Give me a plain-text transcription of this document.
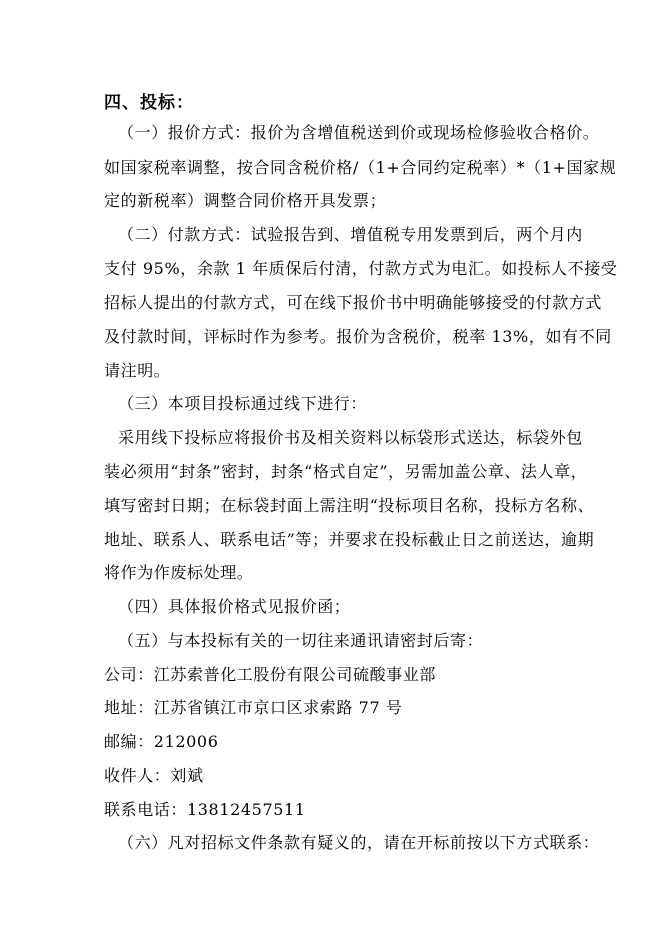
四、投标：
（一）报价方式：报价为含增值税送到价或现场检修验收合格价。
如国家税率调整，按合同含税价格/（1+合同约定税率）*（1+国家规
定的新税率）调整合同价格开具发票；
（二）付款方式：试验报告到、增值税专用发票到后，两个月内
支付 95%，余款 1 年质保后付清，付款方式为电汇。如投标人不接受
招标人提出的付款方式，可在线下报价书中明确能够接受的付款方式
及付款时间，评标时作为参考。报价为含税价，税率 13%，如有不同
请注明。
（三）本项目投标通过线下进行：
采用线下投标应将报价书及相关资料以标袋形式送达，标袋外包
装必须用“封条”密封，封条“格式自定”，另需加盖公章、法人章，
填写密封日期；在标袋封面上需注明“投标项目名称，投标方名称、
地址、联系人、联系电话”等；并要求在投标截止日之前送达，逾期
将作为作废标处理。
（四）具体报价格式见报价函；
（五）与本投标有关的一切往来通讯请密封后寄：
公司：江苏索普化工股份有限公司硫酸事业部
地址：江苏省镇江市京口区求索路 77 号
邮编：212006
收件人：刘斌
联系电话：13812457511
（六）凡对招标文件条款有疑义的，请在开标前按以下方式联系：
